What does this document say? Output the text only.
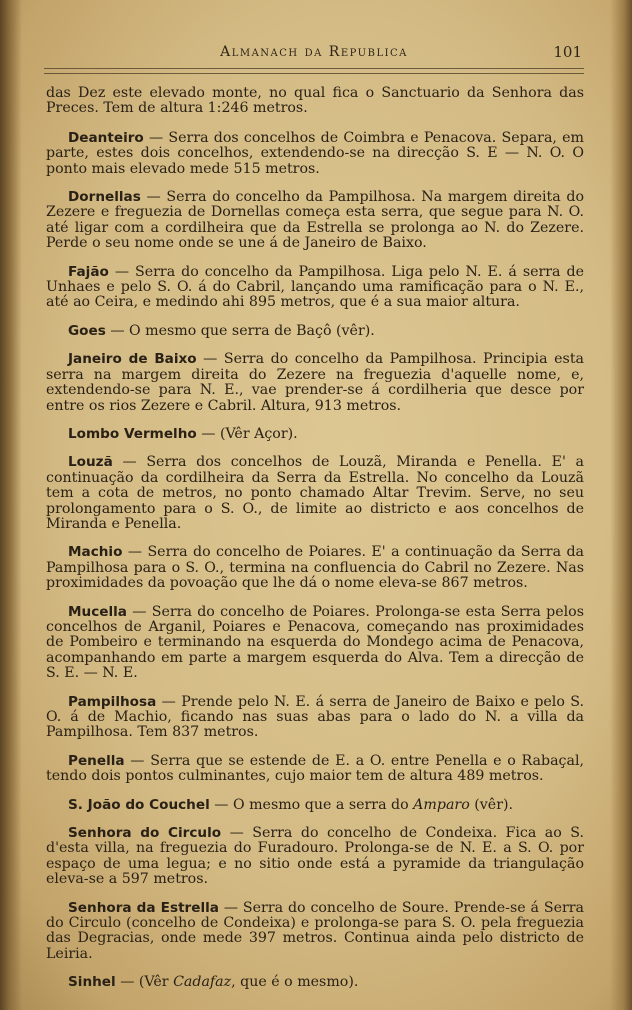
Almanach da Republica	101

das Dez este elevado monte, no qual fica o Sanctuario da Senhora das Preces. Tem de altura 1:246 metros.

Deanteiro — Serra dos concelhos de Coimbra e Penacova. Separa, em parte, estes dois concelhos, extendendo-se na direcção S. E — N. O. O ponto mais elevado mede 515 metros.

Dornellas — Serra do concelho da Pampilhosa. Na margem direita do Zezere e freguezia de Dornellas começa esta serra, que segue para N. O. até ligar com a cordilheira que da Estrella se prolonga ao N. do Zezere. Perde o seu nome onde se une á de Janeiro de Baixo.

Fajão — Serra do concelho da Pampilhosa. Liga pelo N. E. á serra de Unhaes e pelo S. O. á do Cabril, lançando uma ramificação para o N. E., até ao Ceira, e medindo ahi 895 metros, que é a sua maior altura.

Goes — O mesmo que serra de Baçô (vêr).

Janeiro de Baixo — Serra do concelho da Pampilhosa. Principia esta serra na margem direita do Zezere na freguezia d'aquelle nome, e, extendendo-se para N. E., vae prender-se á cordilheria que desce por entre os rios Zezere e Cabril. Altura, 913 metros.

Lombo Vermelho — (Vêr Açor).

Louzã — Serra dos concelhos de Louzã, Miranda e Penella. E' a continuação da cordilheira da Serra da Estrella. No concelho da Louzã tem a cota de metros, no ponto chamado Altar Trevim. Serve, no seu prolongamento para o S. O., de limite ao districto e aos concelhos de Miranda e Penella.

Machio — Serra do concelho de Poiares. E' a continuação da Serra da Pampilhosa para o S. O., termina na confluencia do Cabril no Zezere. Nas proximidades da povoação que lhe dá o nome eleva-se 867 metros.

Mucella — Serra do concelho de Poiares. Prolonga-se esta Serra pelos concelhos de Arganil, Poiares e Penacova, começando nas proximidades de Pombeiro e terminando na esquerda do Mondego acima de Penacova, acompanhando em parte a margem esquerda do Alva. Tem a direcção de S. E. — N. E.

Pampilhosa — Prende pelo N. E. á serra de Janeiro de Baixo e pelo S. O. á de Machio, ficando nas suas abas para o lado do N. a villa da Pampilhosa. Tem 837 metros.

Penella — Serra que se estende de E. a O. entre Penella e o Rabaçal, tendo dois pontos culminantes, cujo maior tem de altura 489 metros.

S. João do Couchel — O mesmo que a serra do Amparo (vêr).

Senhora do Circulo — Serra do concelho de Condeixa. Fica ao S. d'esta villa, na freguezia do Furadouro. Prolonga-se de N. E. a S. O. por espaço de uma legua; e no sitio onde está a pyramide da triangulação eleva-se a 597 metros.

Senhora da Estrella — Serra do concelho de Soure. Prende-se á Serra do Circulo (concelho de Condeixa) e prolonga-se para S. O. pela freguezia das Degracias, onde mede 397 metros. Continua ainda pelo districto de Leiria.

Sinhel — (Vêr Cadafaz, que é o mesmo).
